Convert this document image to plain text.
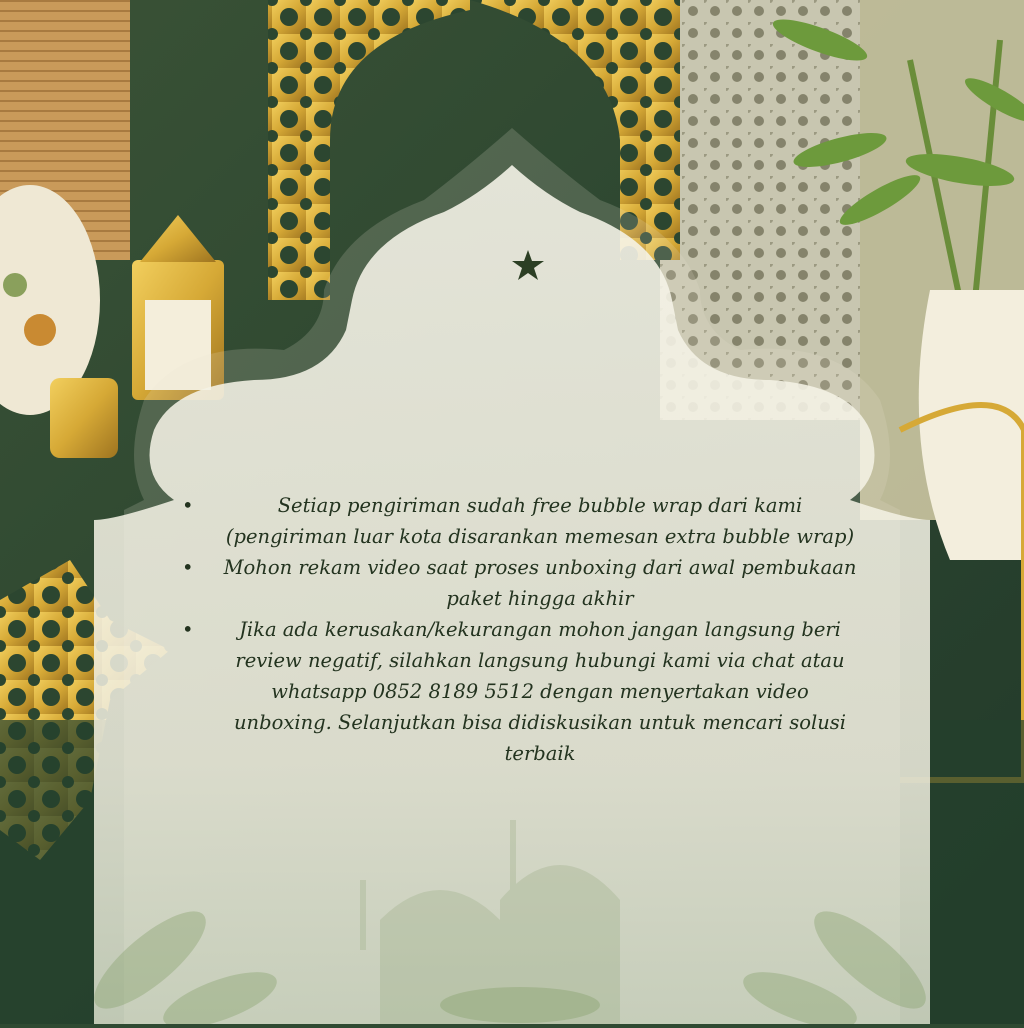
•	Setiap pengiriman sudah free bubble wrap dari kami (pengiriman luar kota disarankan memesan extra bubble wrap)
• Mohon rekam video saat proses unboxing dari awal pembukaan paket hingga akhir
• Jika ada kerusakan/kekurangan mohon jangan langsung beri review negatif, silahkan langsung hubungi kami via chat atau whatsapp 0852 8189 5512 dengan menyertakan video unboxing. Selanjutkan bisa didiskusikan untuk mencari solusi terbaik
